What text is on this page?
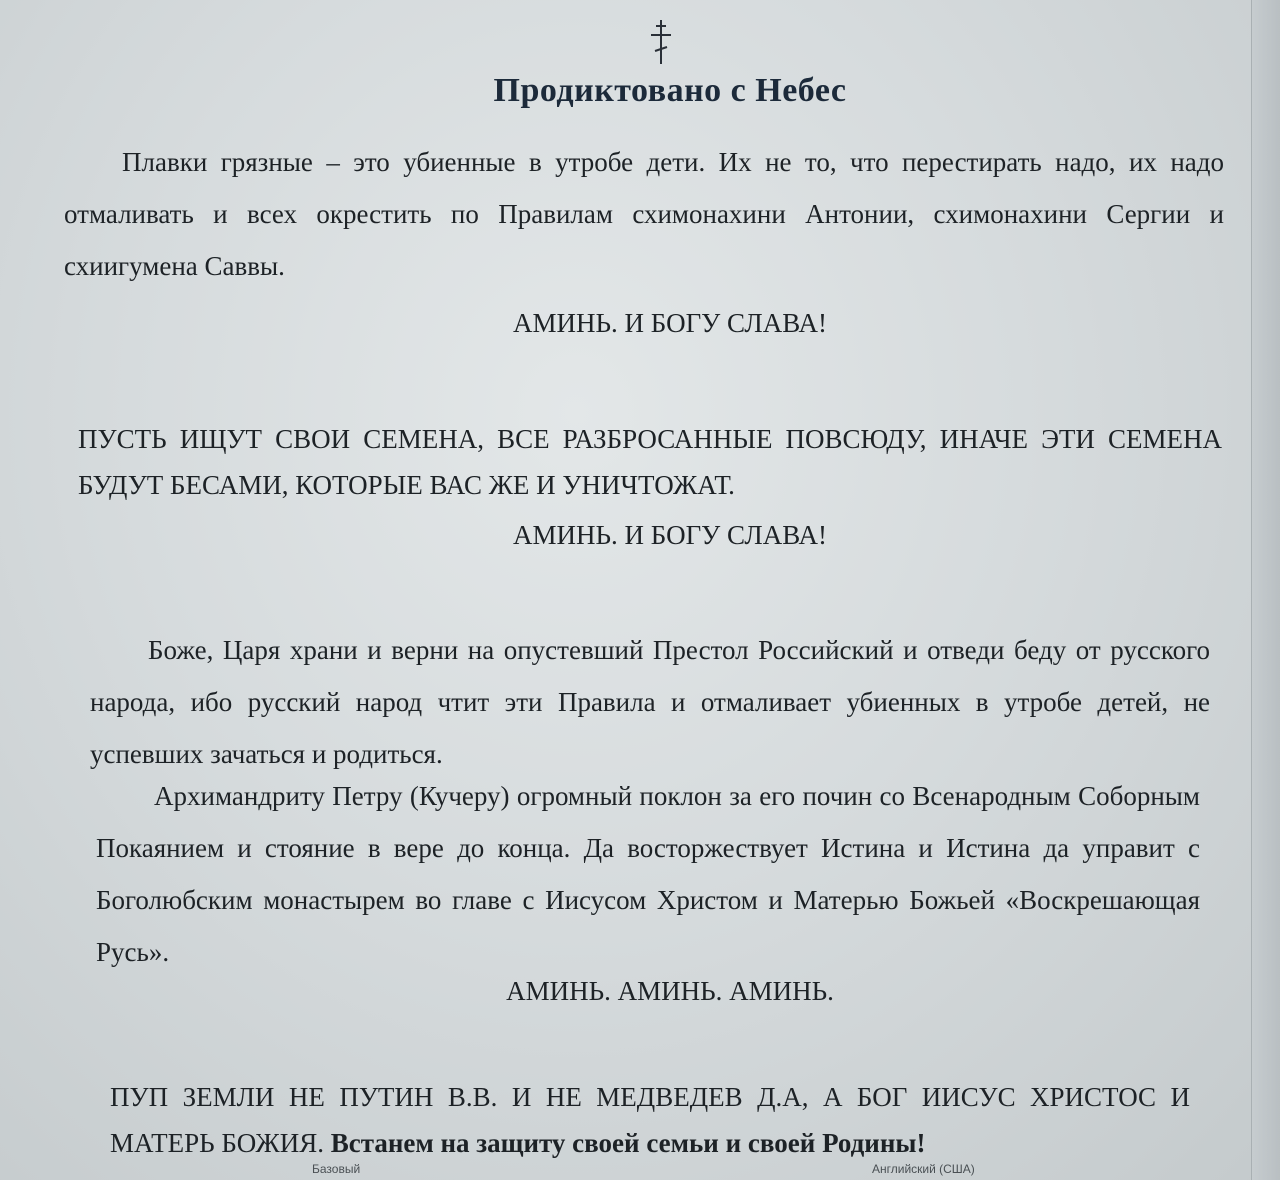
Продиктовано с Небес
Плавки грязные – это убиенные в утробе дети. Их не то, что перестирать надо, их надо отмаливать и всех окрестить по Правилам схимонахини Антонии, схимонахини Сергии и схиигумена Саввы.
АМИНЬ. И БОГУ СЛАВА!
ПУСТЬ ИЩУТ СВОИ СЕМЕНА, ВСЕ РАЗБРОСАННЫЕ ПОВСЮДУ, ИНАЧЕ ЭТИ СЕМЕНА БУДУТ БЕСАМИ, КОТОРЫЕ ВАС ЖЕ И УНИЧТОЖАТ.
АМИНЬ. И БОГУ СЛАВА!
Боже, Царя храни и верни на опустевший Престол Российский и отведи беду от русского народа, ибо русский народ чтит эти Правила и отмаливает убиенных в утробе детей, не успевших зачаться и родиться.
Архимандриту Петру (Кучеру) огромный поклон за его почин со Всенародным Соборным Покаянием и стояние в вере до конца. Да восторжествует Истина и Истина да управит с Боголюбским монастырем во главе с Иисусом Христом и Матерью Божьей «Воскрешающая Русь».
АМИНЬ. АМИНЬ. АМИНЬ.
ПУП ЗЕМЛИ НЕ ПУТИН В.В. И НЕ МЕДВЕДЕВ Д.А, А БОГ ИИСУС ХРИСТОС И МАТЕРЬ БОЖИЯ. Встанем на защиту своей семьи и своей Родины!
Базовый	Английский (США)
